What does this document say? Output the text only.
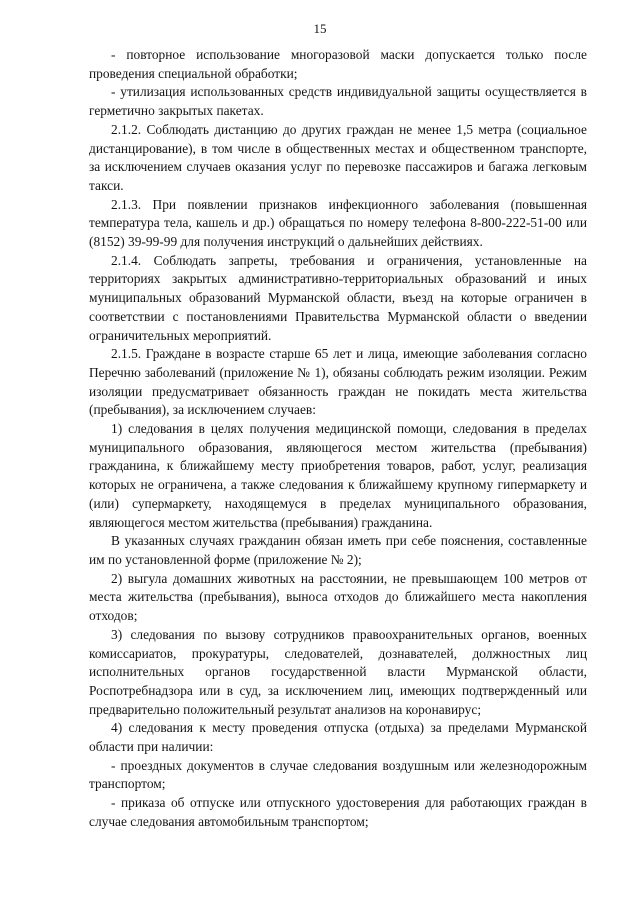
15

- повторное использование многоразовой маски допускается только после проведения специальной обработки;

- утилизация использованных средств индивидуальной защиты осуществляется в герметично закрытых пакетах.

2.1.2. Соблюдать дистанцию до других граждан не менее 1,5 метра (социальное дистанцирование), в том числе в общественных местах и общественном транспорте, за исключением случаев оказания услуг по перевозке пассажиров и багажа легковым такси.

2.1.3. При появлении признаков инфекционного заболевания (повышенная температура тела, кашель и др.) обращаться по номеру телефона 8-800-222-51-00 или (8152) 39-99-99 для получения инструкций о дальнейших действиях.

2.1.4. Соблюдать запреты, требования и ограничения, установленные на территориях закрытых административно-территориальных образований и иных муниципальных образований Мурманской области, въезд на которые ограничен в соответствии с постановлениями Правительства Мурманской области о введении ограничительных мероприятий.

2.1.5. Граждане в возрасте старше 65 лет и лица, имеющие заболевания согласно Перечню заболеваний (приложение № 1), обязаны соблюдать режим изоляции. Режим изоляции предусматривает обязанность граждан не покидать места жительства (пребывания), за исключением случаев:

1) следования в целях получения медицинской помощи, следования в пределах муниципального образования, являющегося местом жительства (пребывания) гражданина, к ближайшему месту приобретения товаров, работ, услуг, реализация которых не ограничена, а также следования к ближайшему крупному гипермаркету и (или) супермаркету, находящемуся в пределах муниципального образования, являющегося местом жительства (пребывания) гражданина.

В указанных случаях гражданин обязан иметь при себе пояснения, составленные им по установленной форме (приложение № 2);

2) выгула домашних животных на расстоянии, не превышающем 100 метров от места жительства (пребывания), выноса отходов до ближайшего места накопления отходов;

3) следования по вызову сотрудников правоохранительных органов, военных комиссариатов, прокуратуры, следователей, дознавателей, должностных лиц исполнительных органов государственной власти Мурманской области, Роспотребнадзора или в суд, за исключением лиц, имеющих подтвержденный или предварительно положительный результат анализов на коронавирус;

4) следования к месту проведения отпуска (отдыха) за пределами Мурманской области при наличии:

- проездных документов в случае следования воздушным или железнодорожным транспортом;

- приказа об отпуске или отпускного удостоверения для работающих граждан в случае следования автомобильным транспортом;
